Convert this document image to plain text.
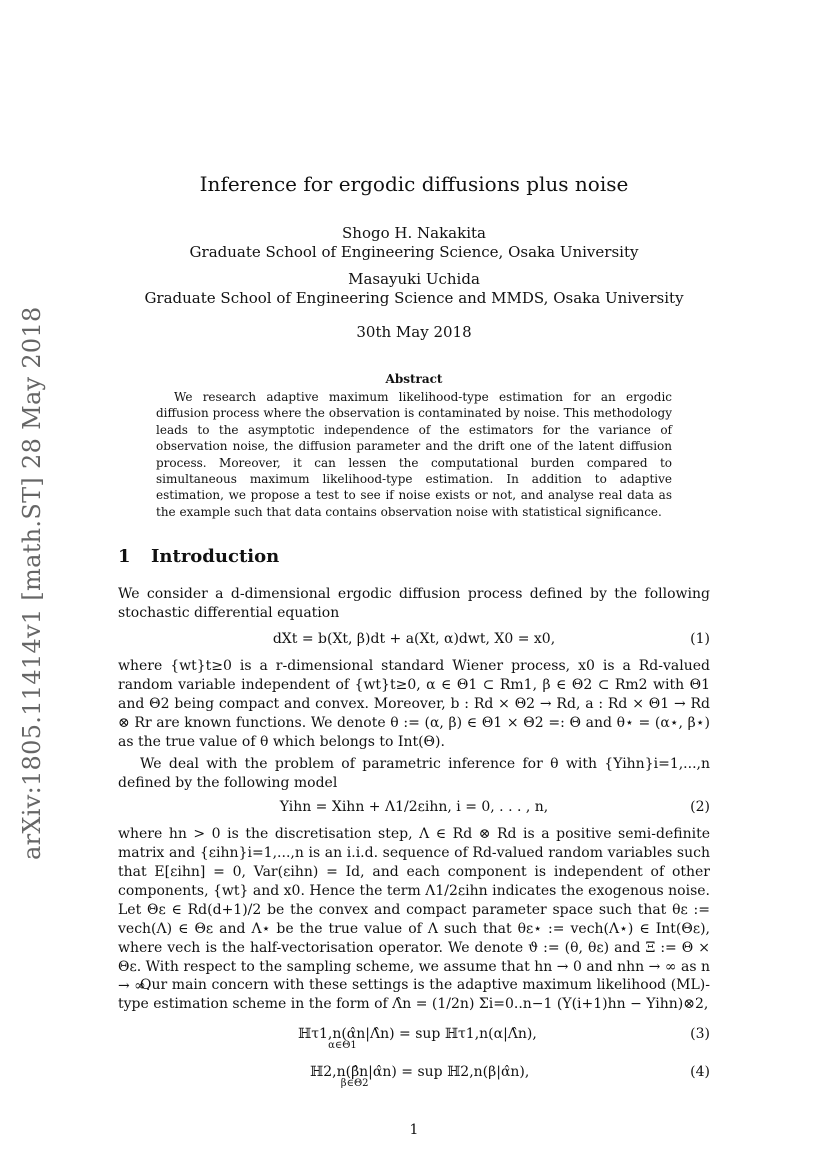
arXiv:1805.11414v1 [math.ST] 28 May 2018
Inference for ergodic diffusions plus noise
Shogo H. Nakakita
Graduate School of Engineering Science, Osaka University
Masayuki Uchida
Graduate School of Engineering Science and MMDS, Osaka University
30th May 2018
Abstract
We research adaptive maximum likelihood-type estimation for an ergodic diffusion process where the observation is contaminated by noise. This methodology leads to the asymptotic independence of the estimators for the variance of observation noise, the diffusion parameter and the drift one of the latent diffusion process. Moreover, it can lessen the computational burden compared to simultaneous maximum likelihood-type estimation. In addition to adaptive estimation, we propose a test to see if noise exists or not, and analyse real data as the example such that data contains observation noise with statistical significance.
1 Introduction
We consider a d-dimensional ergodic diffusion process defined by the following stochastic differential equation
dXt = b(Xt, β)dt + a(Xt, α)dwt, X0 = x0,	(1)
where {wt}t≥0 is a r-dimensional standard Wiener process, x0 is a Rd-valued random variable independent of {wt}t≥0, α ∈ Θ1 ⊂ Rm1, β ∈ Θ2 ⊂ Rm2 with Θ1 and Θ2 being compact and convex. Moreover, b : Rd × Θ2 → Rd, a : Rd × Θ1 → Rd ⊗ Rr are known functions. We denote θ := (α, β) ∈ Θ1 × Θ2 =: Θ and θ⋆ = (α⋆, β⋆) as the true value of θ which belongs to Int(Θ).
We deal with the problem of parametric inference for θ with {Yihn}i=1,...,n defined by the following model
Yihn = Xihn + Λ1/2εihn, i = 0, . . . , n,	(2)
where hn > 0 is the discretisation step, Λ ∈ Rd ⊗ Rd is a positive semi-definite matrix and {εihn}i=1,...,n is an i.i.d. sequence of Rd-valued random variables such that E[εihn] = 0, Var(εihn) = Id, and each component is independent of other components, {wt} and x0. Hence the term Λ1/2εihn indicates the exogenous noise. Let Θε ∈ Rd(d+1)/2 be the convex and compact parameter space such that θε := vech(Λ) ∈ Θε and Λ⋆ be the true value of Λ such that θε⋆ := vech(Λ⋆) ∈ Int(Θε), where vech is the half-vectorisation operator. We denote ϑ := (θ, θε) and Ξ := Θ × Θε. With respect to the sampling scheme, we assume that hn → 0 and nhn → ∞ as n → ∞.
Our main concern with these settings is the adaptive maximum likelihood (ML)-type estimation scheme in the form of Λ̂n = (1/2n) Σi=0..n−1 (Y(i+1)hn − Yihn)⊗2,
ℍτ1,n(α̂n|Λ̂n) = sup ℍτ1,n(α|Λ̂n),
α∈Θ1
(3)
ℍ2,n(β̂n|α̂n) = sup ℍ2,n(β|α̂n),
β∈Θ2
(4)
1
